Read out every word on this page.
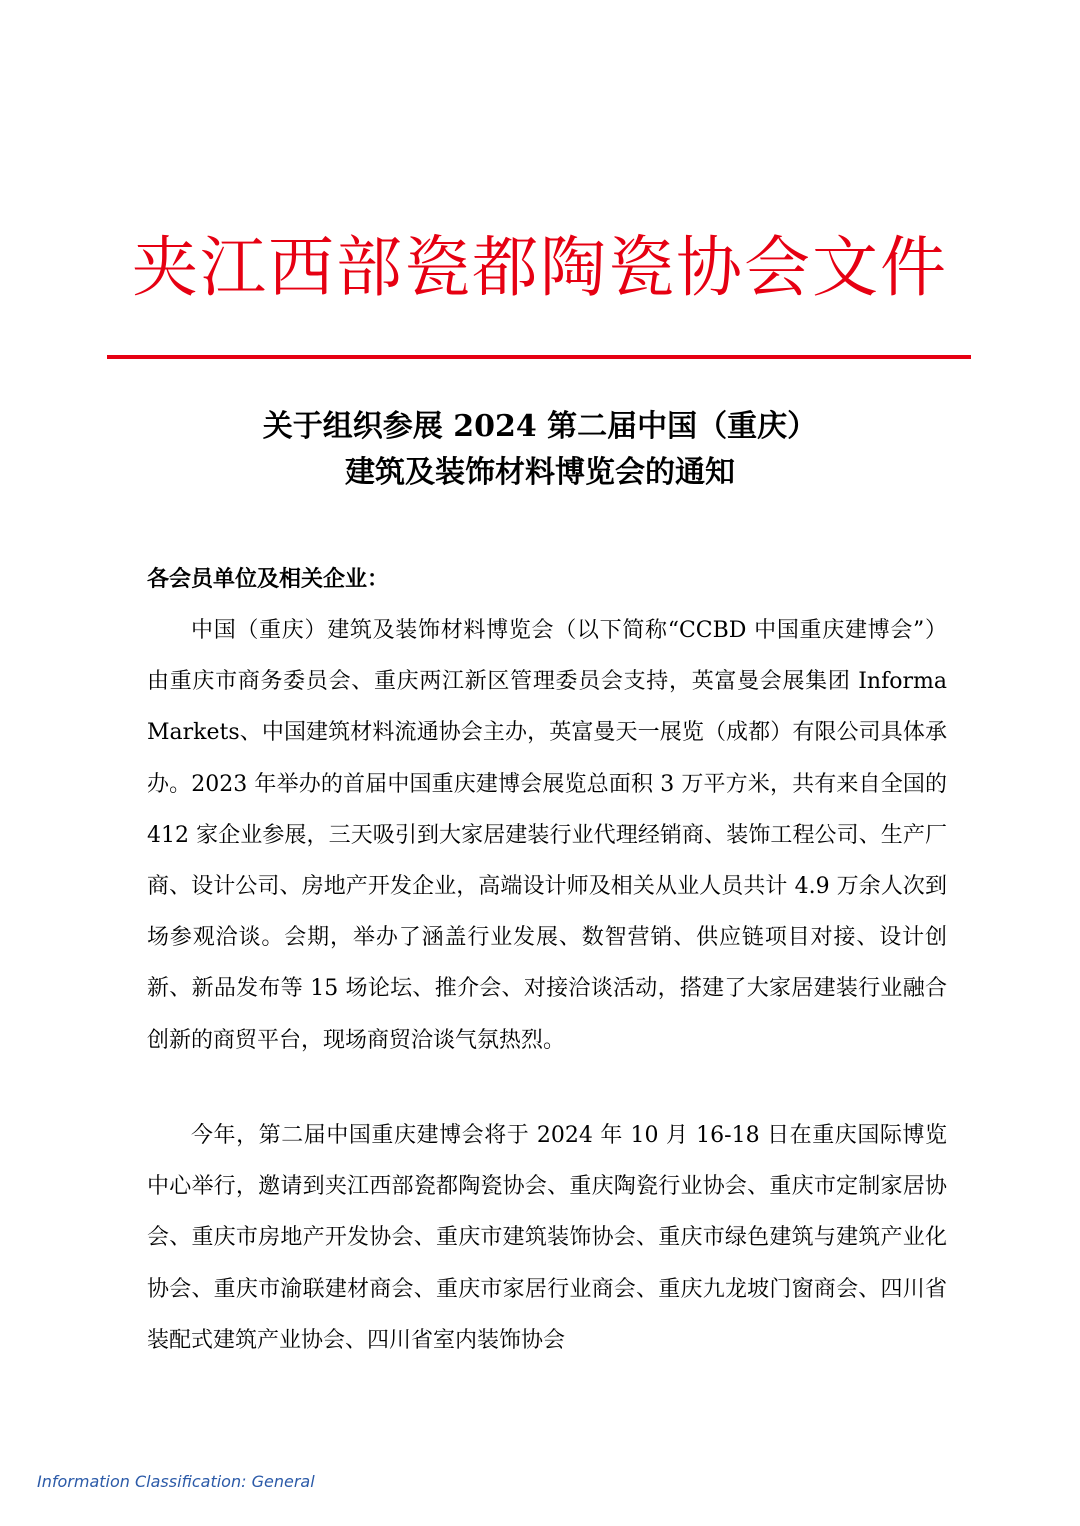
夹江西部瓷都陶瓷协会文件
关于组织参展 2024 第二届中国（重庆）
建筑及装饰材料博览会的通知

各会员单位及相关企业：

中国（重庆）建筑及装饰材料博览会（以下简称“CCBD 中国重庆建博会”）由重庆市商务委员会、重庆两江新区管理委员会支持，英富曼会展集团 Informa Markets、中国建筑材料流通协会主办，英富曼天一展览（成都）有限公司具体承办。2023 年举办的首届中国重庆建博会展览总面积 3 万平方米，共有来自全国的 412 家企业参展，三天吸引到大家居建装行业代理经销商、装饰工程公司、生产厂商、设计公司、房地产开发企业，高端设计师及相关从业人员共计 4.9 万余人次到场参观洽谈。会期，举办了涵盖行业发展、数智营销、供应链项目对接、设计创新、新品发布等 15 场论坛、推介会、对接洽谈活动，搭建了大家居建装行业融合创新的商贸平台，现场商贸洽谈气氛热烈。

今年，第二届中国重庆建博会将于 2024 年 10 月 16-18 日在重庆国际博览中心举行，邀请到夹江西部瓷都陶瓷协会、重庆陶瓷行业协会、重庆市定制家居协会、重庆市房地产开发协会、重庆市建筑装饰协会、重庆市绿色建筑与建筑产业化协会、重庆市渝联建材商会、重庆市家居行业商会、重庆九龙坡门窗商会、四川省装配式建筑产业协会、四川省室内装饰协会

Information Classification: General
